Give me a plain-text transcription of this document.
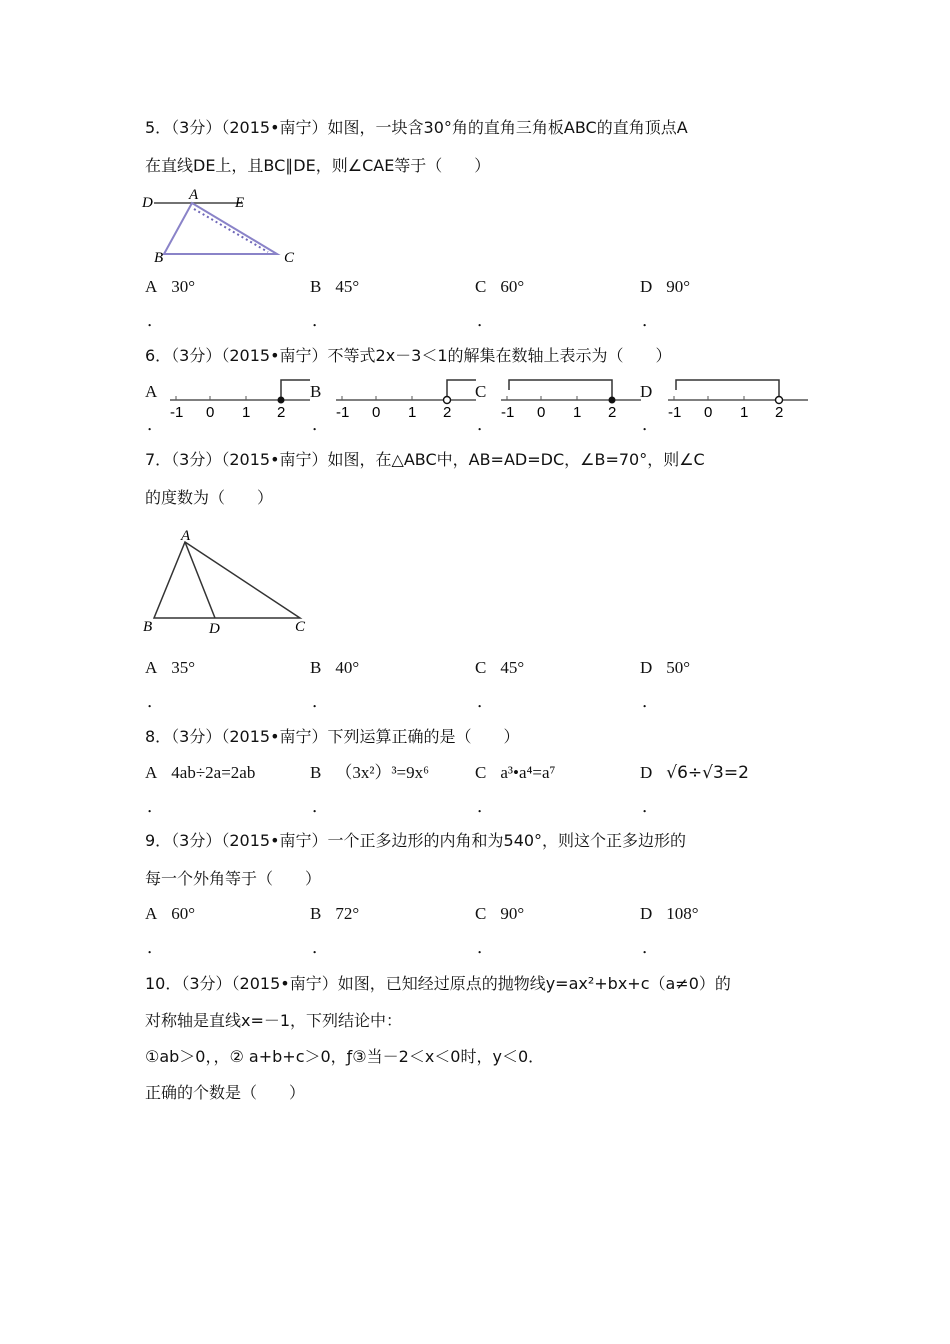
5．（3分）（2015•南宁）如图，一块含30°角的直角三角板ABC的直角顶点A
在直线DE上，且BC∥DE，则∠CAE等于（　　）
D A E
B	C
A 30°	B 45°	C 60°	D 90°
．	．	．	．
6．（3分）（2015•南宁）不等式2x－3＜1的解集在数轴上表示为（　　）
A	B	C	D
-1 0 1 2	-1 0 1 2	-1 0 1 2	-1 0 1 2
．	．	．	．
7．（3分）（2015•南宁）如图，在△ABC中，AB=AD=DC，∠B=70°，则∠C
的度数为（　　）
A
B	D	C
A 35°	B 40°	C 45°	D 50°
．	．	．	．
8．（3分）（2015•南宁）下列运算正确的是（　　）
A 4ab÷2a=2ab	B （3x²）³=9x⁶	C a³•a⁴=a⁷	D √6÷√3=2
．	．	．	．
9．（3分）（2015•南宁）一个正多边形的内角和为540°，则这个正多边形的
每一个外角等于（　　）
A 60°	B 72°	C 90°	D 108°
．	．	．	．
10．（3分）（2015•南宁）如图，已知经过原点的抛物线y=ax²+bx+c（a≠0）的
对称轴是直线x=－1，下列结论中：
①ab＞0，，② a+b+c＞0，ƒ③当－2＜x＜0时，y＜0．
正确的个数是（　　）
